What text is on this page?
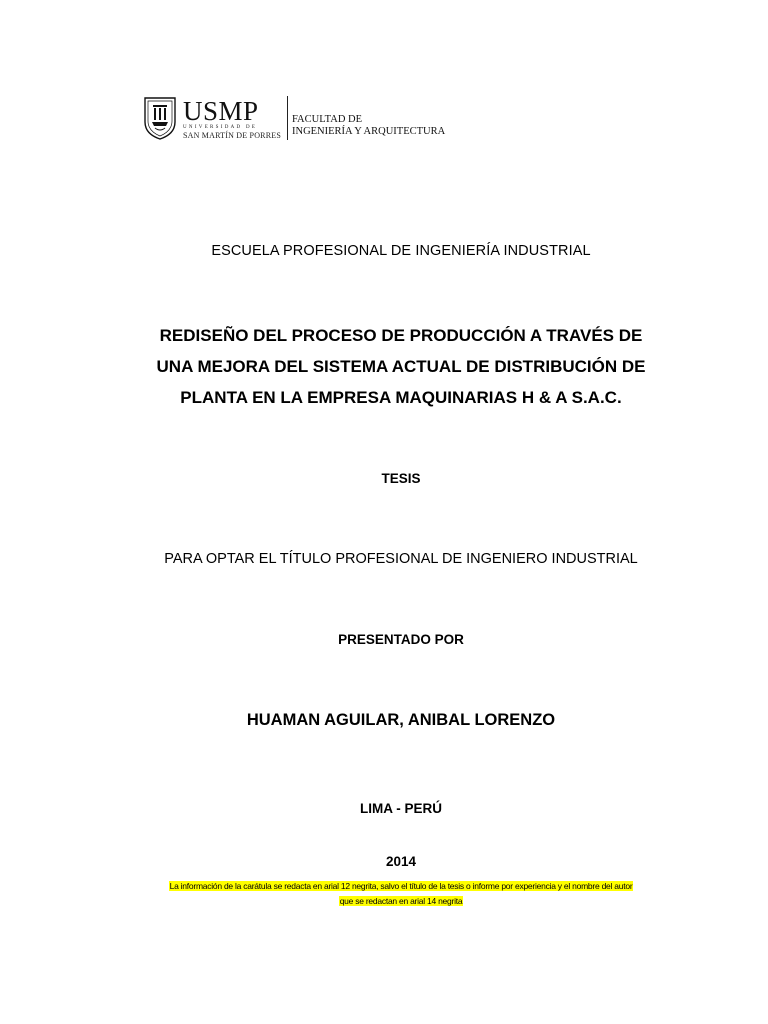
USMP
UNIVERSIDAD DE
SAN MARTÍN DE PORRES
FACULTAD DE
INGENIERÍA Y ARQUITECTURA
ESCUELA PROFESIONAL DE INGENIERÍA INDUSTRIAL
REDISEÑO DEL PROCESO DE PRODUCCIÓN A TRAVÉS DE
UNA MEJORA DEL SISTEMA ACTUAL DE DISTRIBUCIÓN DE
PLANTA EN LA EMPRESA MAQUINARIAS H & A S.A.C.
TESIS
PARA OPTAR EL TÍTULO PROFESIONAL DE INGENIERO INDUSTRIAL
PRESENTADO POR
HUAMAN AGUILAR, ANIBAL LORENZO
LIMA - PERÚ
2014
La información de la carátula se redacta en arial 12 negrita, salvo el título de la tesis o informe por experiencia y el nombre del autor
que se redactan en arial 14 negrita
